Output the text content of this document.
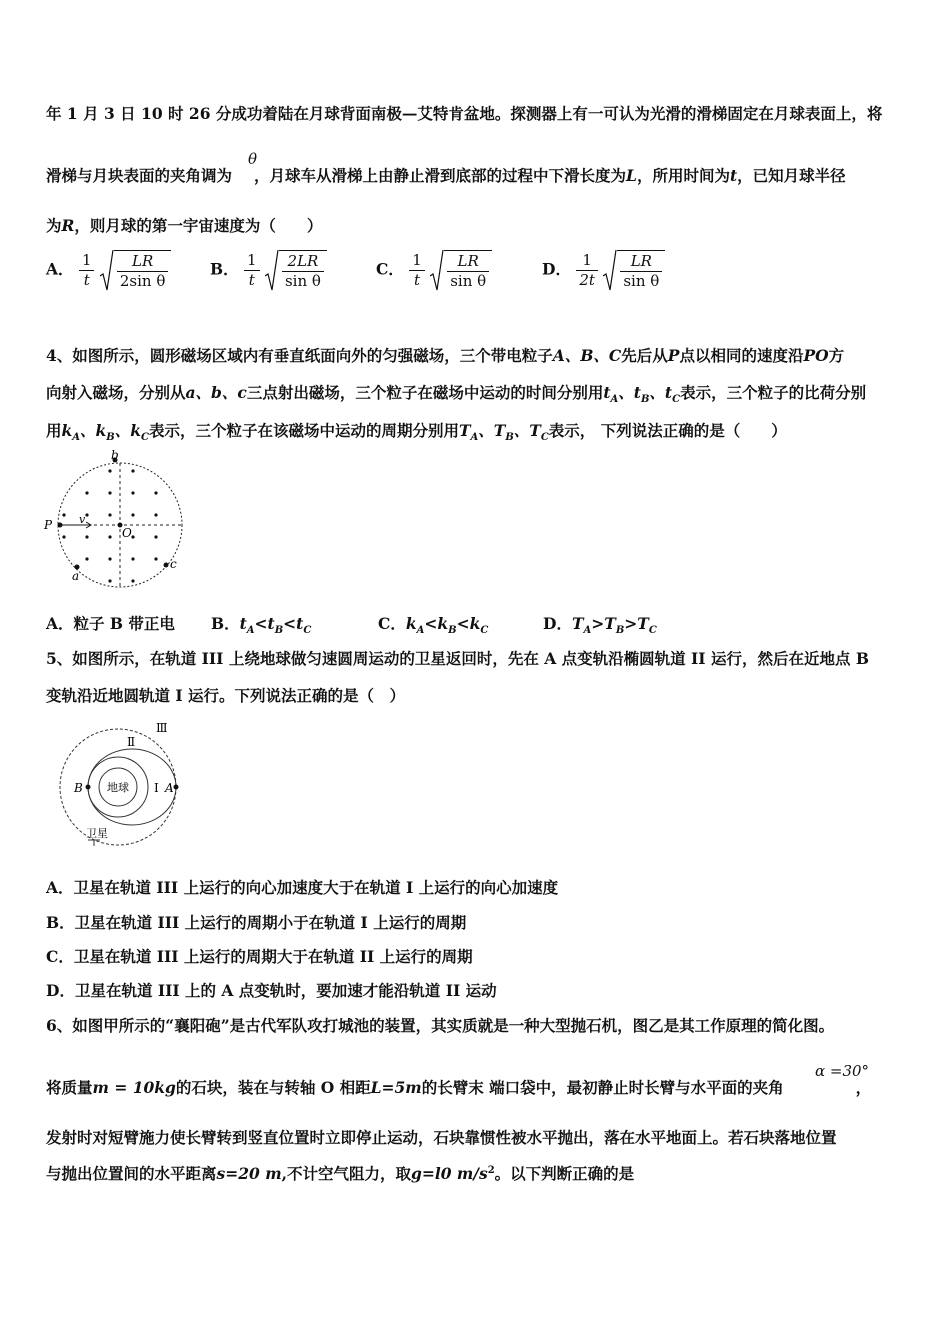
年 1 月 3 日 10 时 26 分成功着陆在月球背面南极—艾特肯盆地。探测器上有一可认为光滑的滑梯固定在月球表面上，将
θ
滑梯与月块表面的夹角调为 ，月球车从滑梯上由静止滑到底部的过程中下滑长度为L，所用时间为t，已知月球半径
为R，则月球的第一宇宙速度为（　　）
A． $\frac{1}{t}$
$\frac{LR}{\text{2sin θ}}$	B． $\frac{1}{t}$
$\frac{2LR}{\text{sin θ}}$	C． $\frac{1}{t}$
$\frac{LR}{\text{sin θ}}$	D． $\frac{1}{2t}$
$\frac{LR}{\text{sin θ}}$
4、如图所示，圆形磁场区域内有垂直纸面向外的匀强磁场，三个带电粒子A、B、C先后从P点以相同的速度沿PO方
向射入磁场，分别从a、b、c三点射出磁场，三个粒子在磁场中运动的时间分别用$t_A$、$t_B$、$t_C$表示，三个粒子的比荷分别
用$k_A$、$k_B$、$k_C$表示，三个粒子在该磁场中运动的周期分别用$T_A$、$T_B$、$T_C$表示， 下列说法正确的是（　　）
b
P v
O
a
c
A．粒子 B 带正电 B．$t_A<t_B<t_C$	C．$k_A<k_B<k_C$	D．$T_A>T_B>T_C$
5、如图所示，在轨道 III 上绕地球做匀速圆周运动的卫星返回时，先在 A 点变轨沿椭圆轨道 II 运行，然后在近地点 B
变轨沿近地圆轨道 I 运行。下列说法正确的是（　）
地球
Ⅲ
Ⅱ
Ⅰ
B	A
卫星
A．卫星在轨道 III 上运行的向心加速度大于在轨道 I 上运行的向心加速度
B．卫星在轨道 III 上运行的周期小于在轨道 I 上运行的周期
C．卫星在轨道 III 上运行的周期大于在轨道 II 上运行的周期
D．卫星在轨道 III 上的 A 点变轨时，要加速才能沿轨道 II 运动
6、如图甲所示的“襄阳砲”是古代军队攻打城池的装置，其实质就是一种大型抛石机，图乙是其工作原理的简化图。
α =30°
将质量m = 10kg的石块，装在与转轴 O 相距L=5m的长臂末 端口袋中，最初静止时长臂与水平面的夹角	，
发射时对短臂施力使长臂转到竖直位置时立即停止运动，石块靠惯性被水平抛出，落在水平地面上。若石块落地位置
与抛出位置间的水平距离s=20 m,不计空气阻力，取g=l0 $m/s^2$。以下判断正确的是
